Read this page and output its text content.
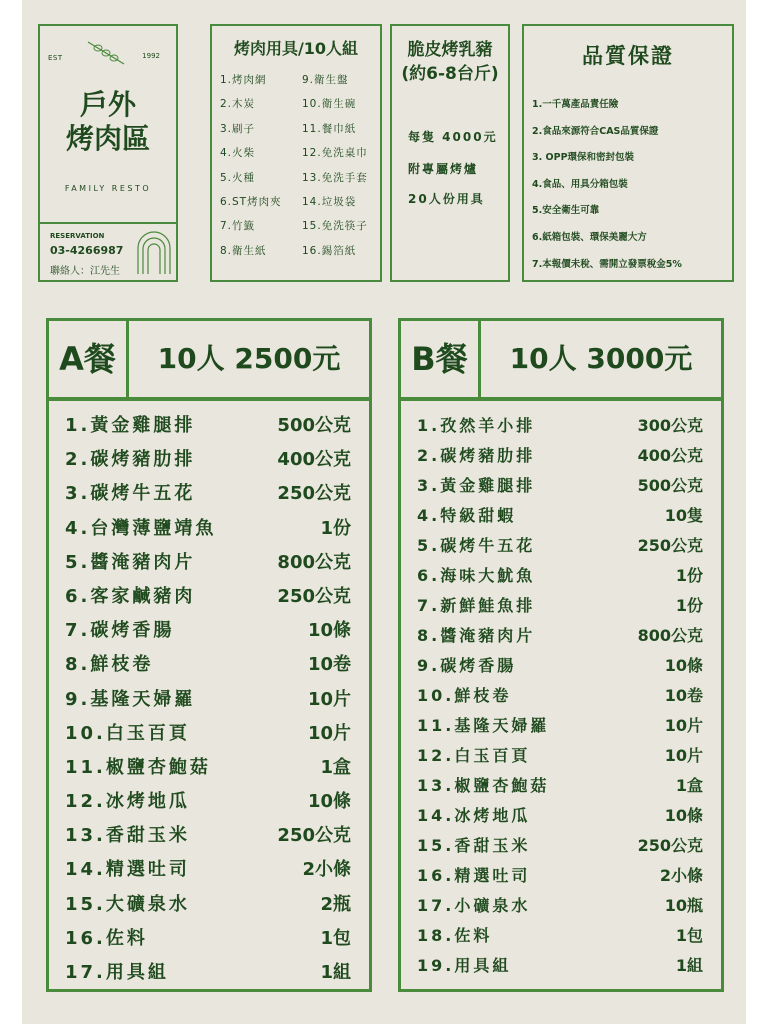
EST	1992
戶外
烤肉區
FAMILY RESTO
RESERVATION
03-4266987
聯絡人：江先生
烤肉用具/10人組
1.烤肉網
2.木炭
3.刷子
4.火柴
5.火種
6.ST烤肉夾
7.竹籤
8.衛生紙
9.衛生盤
10.衛生碗
11.餐巾紙
12.免洗桌巾
13.免洗手套
14.垃圾袋
15.免洗筷子
16.錫箔紙
脆皮烤乳豬
(約6-8台斤)
每隻 4000元
附專屬烤爐
20人份用具
品質保證
1.一千萬產品責任險
2.食品來源符合CAS品質保證
3. OPP環保和密封包裝
4.食品、用具分箱包裝
5.安全衛生可靠
6.紙箱包裝、環保美麗大方
7.本報價未稅、需開立發票稅金5%
A餐	10人 2500元
1.黃金雞腿排	500公克
2.碳烤豬肋排	400公克
3.碳烤牛五花	250公克
4.台灣薄鹽靖魚	1份
5.醬淹豬肉片	800公克
6.客家鹹豬肉	250公克
7.碳烤香腸	10條
8.鮮枝卷	10卷
9.基隆天婦羅	10片
10.白玉百頁	10片
11.椒鹽杏鮑菇	1盒
12.冰烤地瓜	10條
13.香甜玉米	250公克
14.精選吐司	2小條
15.大礦泉水	2瓶
16.佐料	1包
17.用具組	1組
B餐	10人 3000元
1.孜然羊小排	300公克
2.碳烤豬肋排	400公克
3.黃金雞腿排	500公克
4.特級甜蝦	10隻
5.碳烤牛五花	250公克
6.海味大魷魚	1份
7.新鮮鮭魚排	1份
8.醬淹豬肉片	800公克
9.碳烤香腸	10條
10.鮮枝卷	10卷
11.基隆天婦羅	10片
12.白玉百頁	10片
13.椒鹽杏鮑菇	1盒
14.冰烤地瓜	10條
15.香甜玉米	250公克
16.精選吐司	2小條
17.小礦泉水	10瓶
18.佐料	1包
19.用具組	1組
